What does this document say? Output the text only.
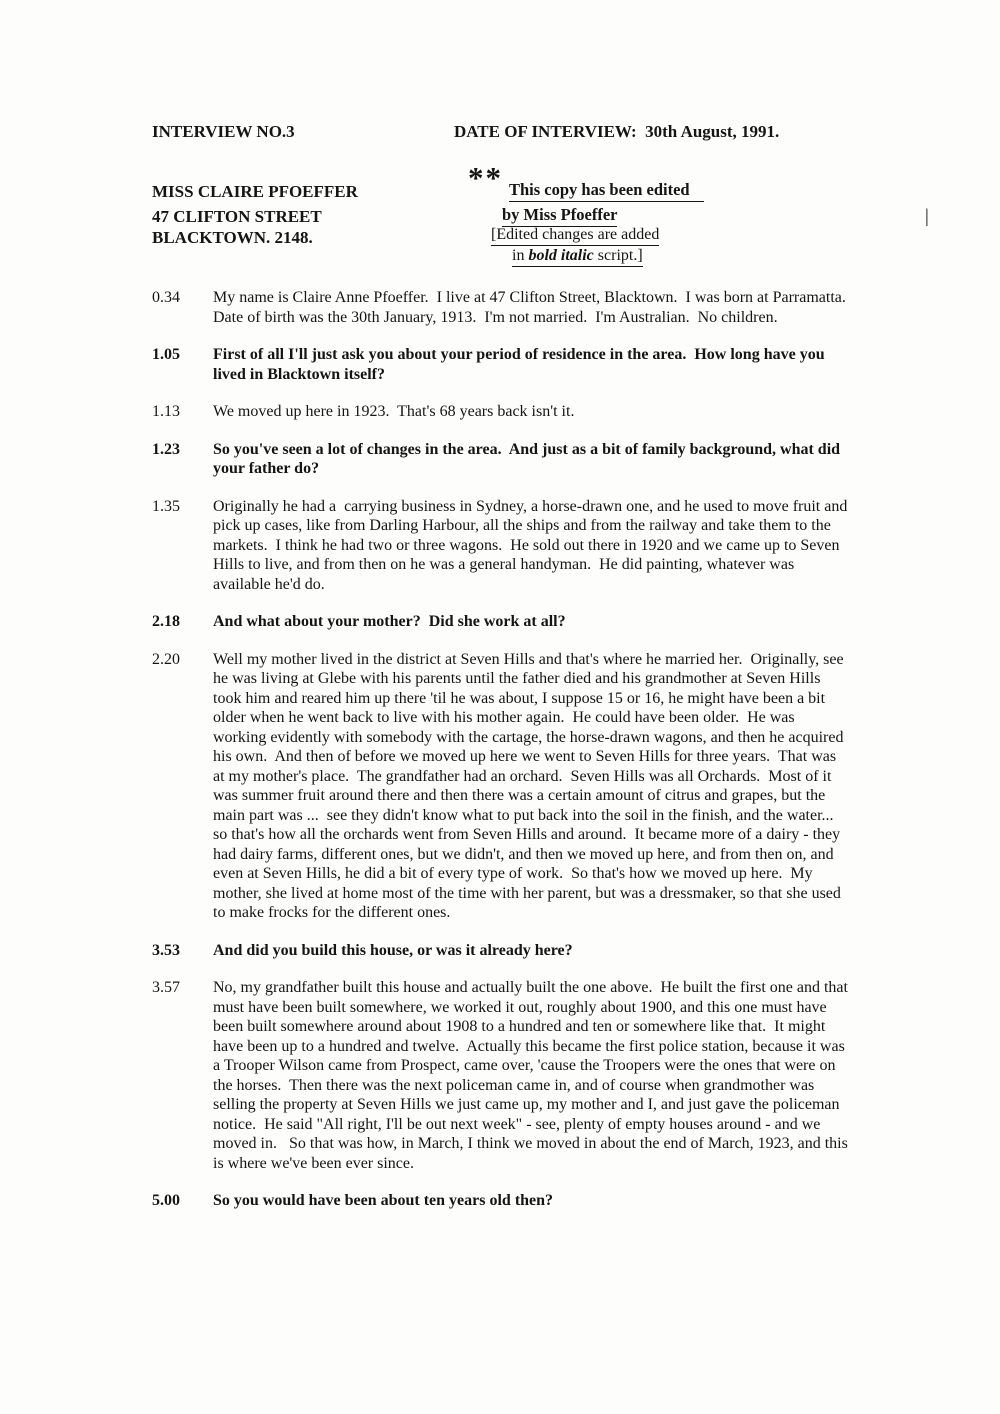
INTERVIEW NO.3	DATE OF INTERVIEW:  30th August, 1991.
MISS CLAIRE PFOEFFER
47 CLIFTON STREET
BLACKTOWN. 2148.
** This copy has been edited
by Miss Pfoeffer
[Edited changes are added
in bold italic script.]
|
0.34	My name is Claire Anne Pfoeffer.  I live at 47 Clifton Street, Blacktown.  I was born at Parramatta.  Date of birth was the 30th January, 1913.  I'm not married.  I'm Australian.  No children.
1.05	First of all I'll just ask you about your period of residence in the area.  How long have you lived in Blacktown itself?
1.13	We moved up here in 1923.  That's 68 years back isn't it.
1.23	So you've seen a lot of changes in the area.  And just as a bit of family background, what did your father do?
1.35	Originally he had a  carrying business in Sydney, a horse-drawn one, and he used to move fruit and pick up cases, like from Darling Harbour, all the ships and from the railway and take them to the markets.  I think he had two or three wagons.  He sold out there in 1920 and we came up to Seven Hills to live, and from then on he was a general handyman.  He did painting, whatever was available he'd do.
2.18	And what about your mother?  Did she work at all?
2.20	Well my mother lived in the district at Seven Hills and that's where he married her.  Originally, see he was living at Glebe with his parents until the father died and his grandmother at Seven Hills took him and reared him up there 'til he was about, I suppose 15 or 16, he might have been a bit older when he went back to live with his mother again.  He could have been older.  He was working evidently with somebody with the cartage, the horse-drawn wagons, and then he acquired his own.  And then of before we moved up here we went to Seven Hills for three years.  That was at my mother's place.  The grandfather had an orchard.  Seven Hills was all Orchards.  Most of it was summer fruit around there and then there was a certain amount of citrus and grapes, but the main part was ...  see they didn't know what to put back into the soil in the finish, and the water... so that's how all the orchards went from Seven Hills and around.  It became more of a dairy - they had dairy farms, different ones, but we didn't, and then we moved up here, and from then on, and even at Seven Hills, he did a bit of every type of work.  So that's how we moved up here.  My mother, she lived at home most of the time with her parent, but was a dressmaker, so that she used to make frocks for the different ones.
3.53	And did you build this house, or was it already here?
3.57	No, my grandfather built this house and actually built the one above.  He built the first one and that must have been built somewhere, we worked it out, roughly about 1900, and this one must have been built somewhere around about 1908 to a hundred and ten or somewhere like that.  It might have been up to a hundred and twelve.  Actually this became the first police station, because it was a Trooper Wilson came from Prospect, came over, 'cause the Troopers were the ones that were on the horses.  Then there was the next policeman came in, and of course when grandmother was selling the property at Seven Hills we just came up, my mother and I, and just gave the policeman notice.  He said "All right, I'll be out next week" - see, plenty of empty houses around - and we moved in.   So that was how, in March, I think we moved in about the end of March, 1923, and this is where we've been ever since.
5.00	So you would have been about ten years old then?
